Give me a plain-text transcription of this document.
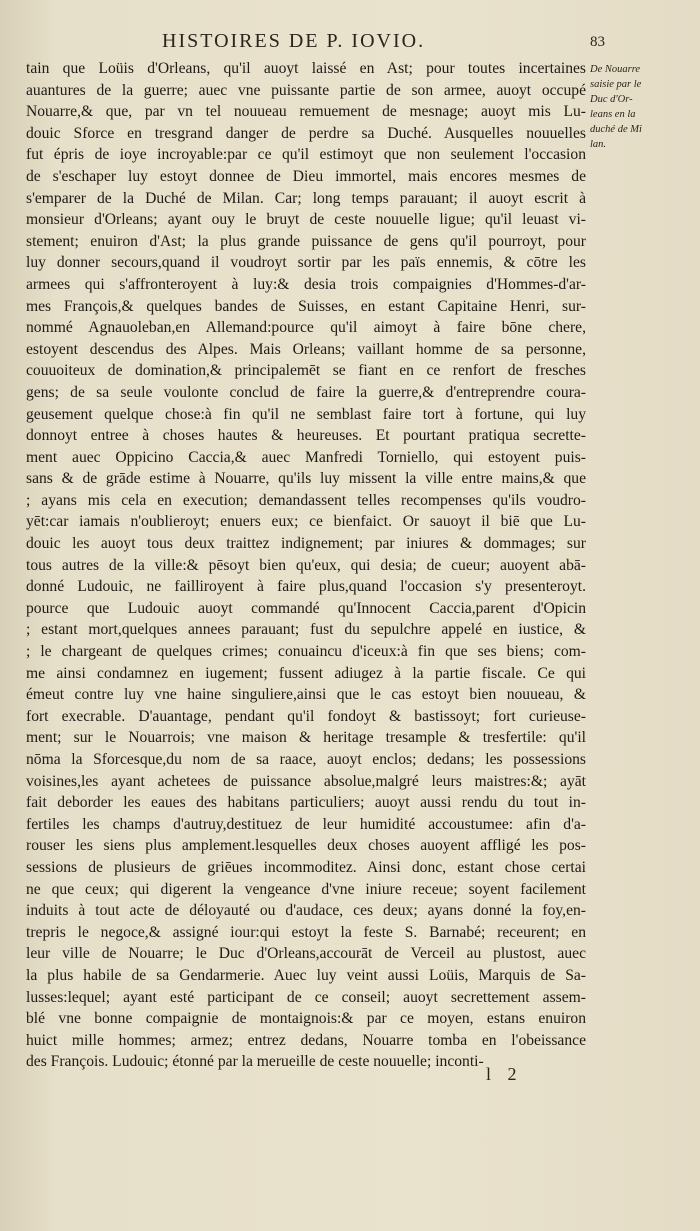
HISTOIRES DE P. IOVIO.	83
tain que Loüis d'Orleans, qu'il auoyt laissé en Ast; pour toutes incertaines
auantures de la guerre; auec vne puissante partie de son armee, auoyt occupé
Nouarre,& que, par vn tel nouueau remuement de mesnage; auoyt mis Lu-
douic Sforce en tresgrand danger de perdre sa Duché. Ausquelles nouuelles
fut épris de ioye incroyable:par ce qu'il estimoyt que non seulement l'occasion
de s'eschaper luy estoyt donnee de Dieu immortel, mais encores mesmes de
s'emparer de la Duché de Milan. Car; long temps parauant; il auoyt escrit à
monsieur d'Orleans; ayant ouy le bruyt de ceste nouuelle ligue; qu'il leuast vi-
stement; enuiron d'Ast; la plus grande puissance de gens qu'il pourroyt, pour
luy donner secours,quand il voudroyt sortir par les païs ennemis, & cōtre les
armees qui s'affronteroyent à luy:& desia trois compaignies d'Hommes-d'ar-
mes François,& quelques bandes de Suisses, en estant Capitaine Henri, sur-
nommé Agnauoleban,en Allemand:pource qu'il aimoyt à faire bōne chere,
estoyent descendus des Alpes. Mais Orleans; vaillant homme de sa personne,
couuoiteux de domination,& principalemēt se fiant en ce renfort de fresches
gens; de sa seule voulonte conclud de faire la guerre,& d'entreprendre coura-
geusement quelque chose:à fin qu'il ne semblast faire tort à fortune, qui luy
donnoyt entree à choses hautes & heureuses. Et pourtant pratiqua secrette-
ment auec Oppicino Caccia,& auec Manfredi Torniello, qui estoyent puis-
sans & de grāde estime à Nouarre, qu'ils luy missent la ville entre mains,& que
; ayans mis cela en execution; demandassent telles recompenses qu'ils voudro-
yēt:car iamais n'oublieroyt; enuers eux; ce bienfaict. Or sauoyt il biē que Lu-
douic les auoyt tous deux traittez indignement; par iniures & dommages; sur
tous autres de la ville:& pēsoyt bien qu'eux, qui desia; de cueur; auoyent abā-
donné Ludouic, ne failliroyent à faire plus,quand l'occasion s'y presenteroyt.
pource que Ludouic auoyt commandé qu'Innocent Caccia,parent d'Opicin
; estant mort,quelques annees parauant; fust du sepulchre appelé en iustice, &
; le chargeant de quelques crimes; conuaincu d'iceux:à fin que ses biens; com-
me ainsi condamnez en iugement; fussent adiugez à la partie fiscale. Ce qui
émeut contre luy vne haine singuliere,ainsi que le cas estoyt bien nouueau, &
fort execrable. D'auantage, pendant qu'il fondoyt & bastissoyt; fort curieuse-
ment; sur le Nouarrois; vne maison & heritage tresample & tresfertile: qu'il
nōma la Sforcesque,du nom de sa raace, auoyt enclos; dedans; les possessions
voisines,les ayant achetees de puissance absolue,malgré leurs maistres:&; ayāt
fait deborder les eaues des habitans particuliers; auoyt aussi rendu du tout in-
fertiles les champs d'autruy,destituez de leur humidité accoustumee: afin d'a-
rouser les siens plus amplement.lesquelles deux choses auoyent affligé les pos-
sessions de plusieurs de griēues incommoditez. Ainsi donc, estant chose certai
ne que ceux; qui digerent la vengeance d'vne iniure receue; soyent facilement
induits à tout acte de déloyauté ou d'audace, ces deux; ayans donné la foy,en-
trepris le negoce,& assigné iour:qui estoyt la feste S. Barnabé; receurent; en
leur ville de Nouarre; le Duc d'Orleans,accourāt de Verceil au plustost, auec
la plus habile de sa Gendarmerie. Auec luy veint aussi Loüis, Marquis de Sa-
lusses:lequel; ayant esté participant de ce conseil; auoyt secrettement assem-
blé vne bonne compaignie de montaignois:& par ce moyen, estans enuiron
huict mille hommes; armez; entrez dedans, Nouarre tomba en l'obeissance
des François. Ludouic; étonné par la merueille de ceste nouuelle; inconti-
De Nouarre
saisie par le
Duc d'Or-
leans en la
duché de Mi
lan.
l 2
